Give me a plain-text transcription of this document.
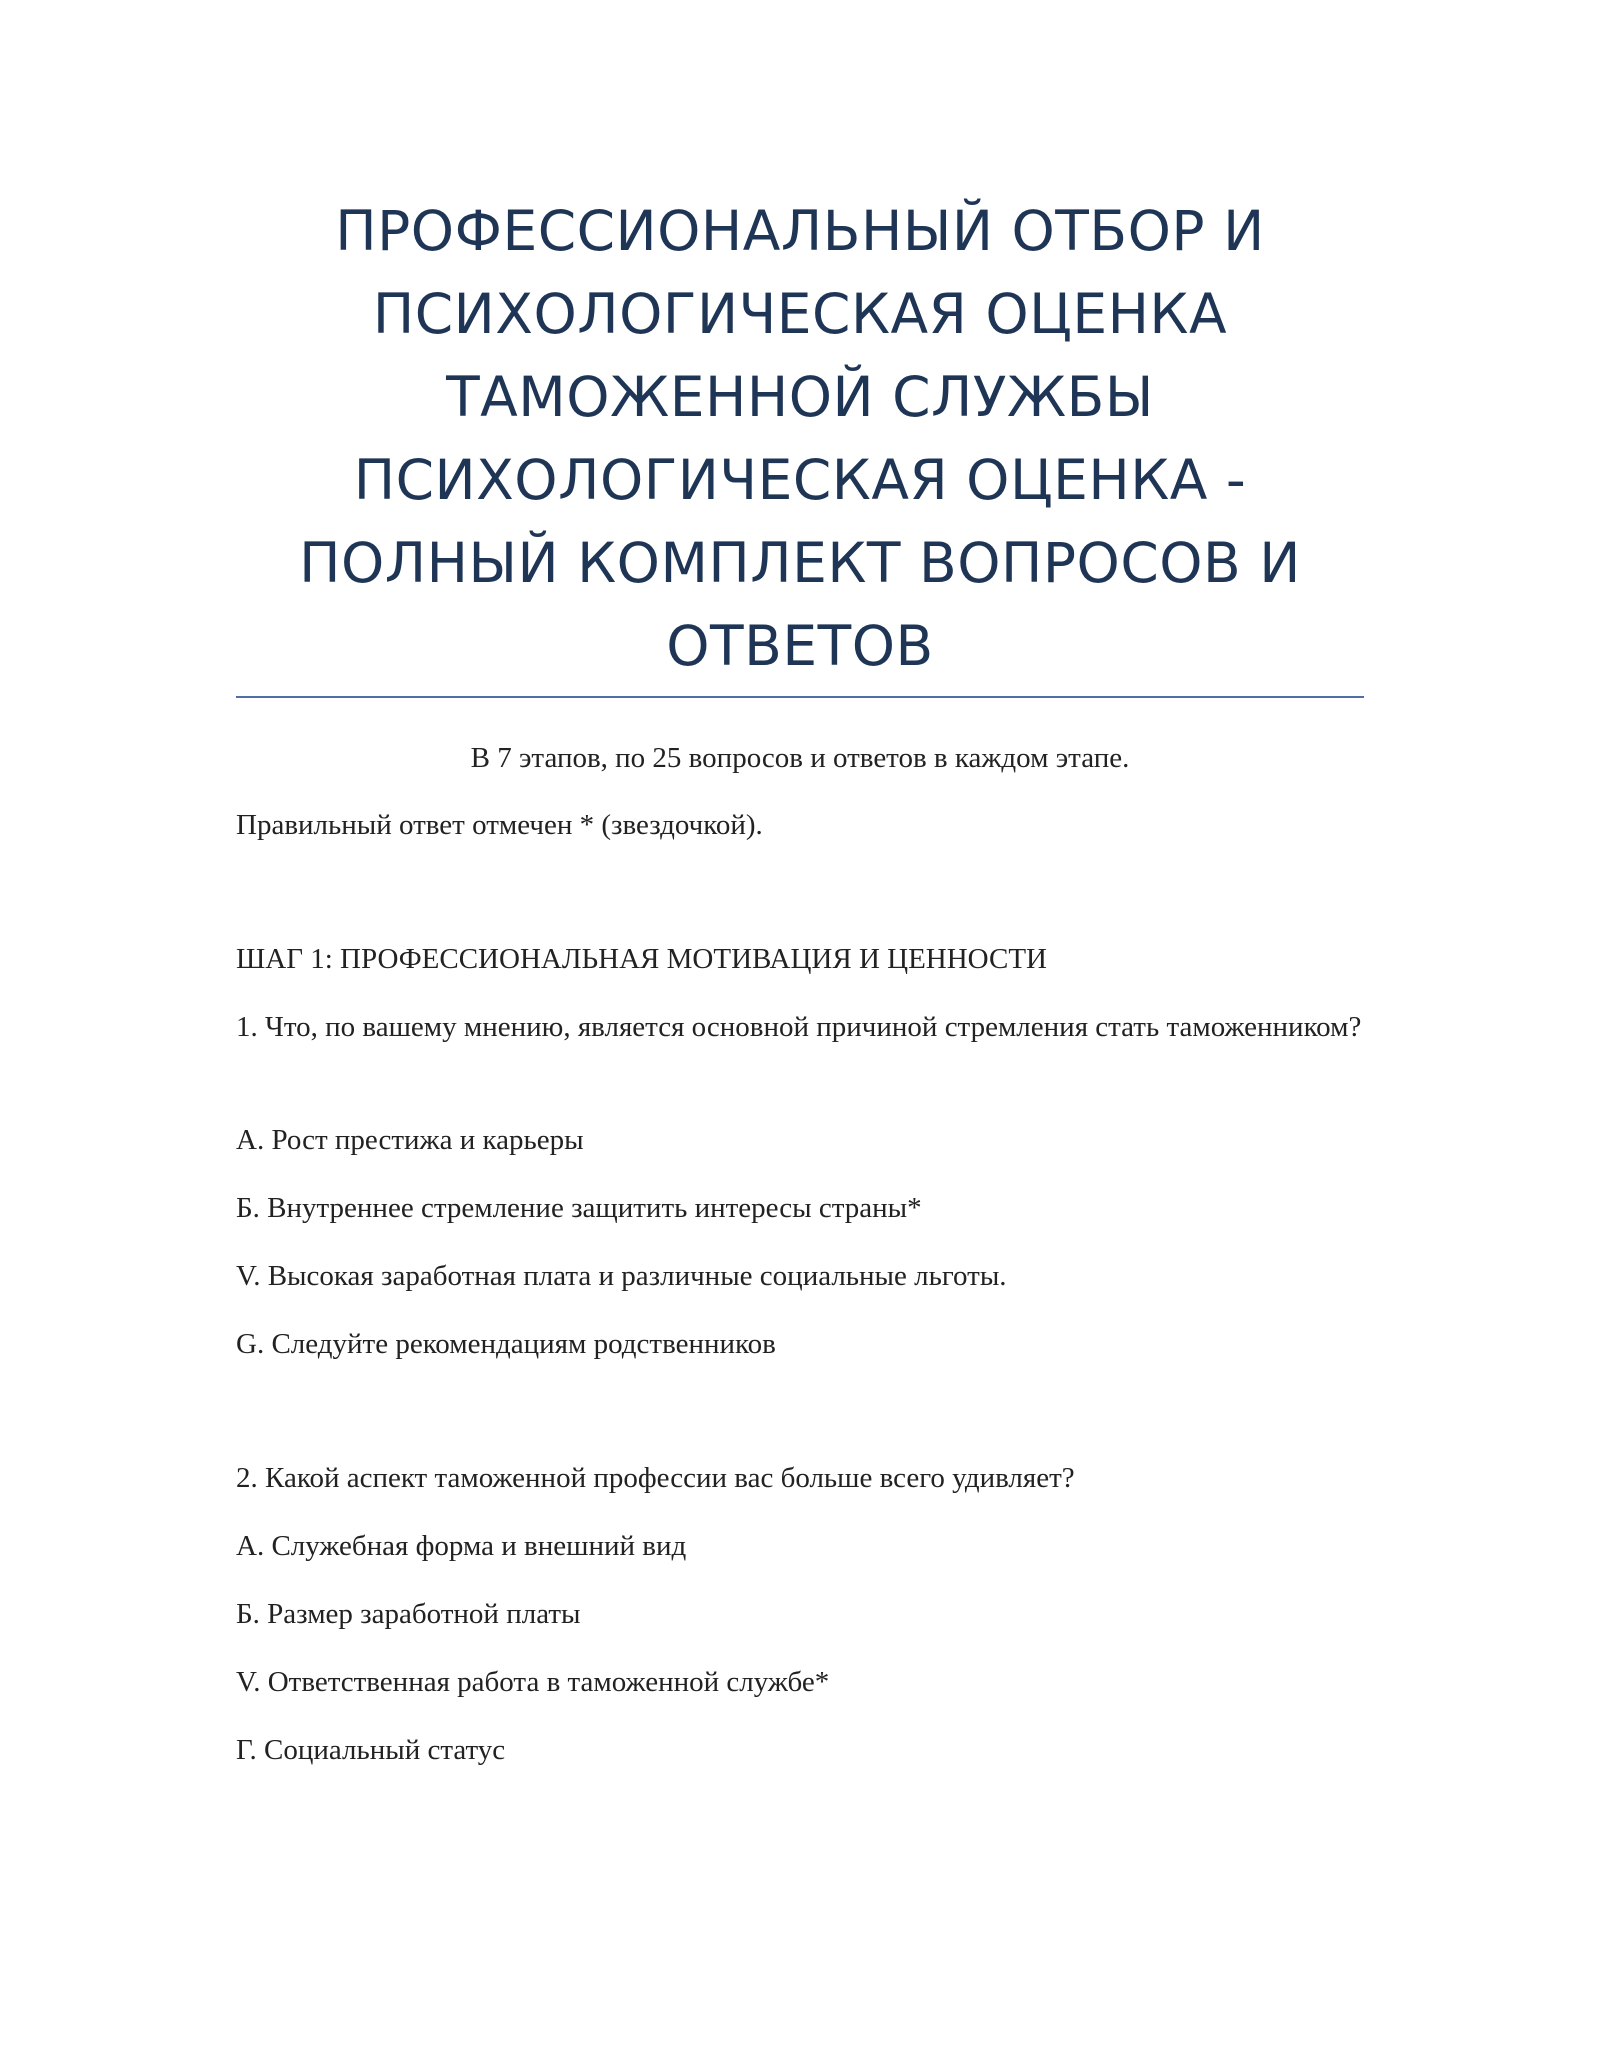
ПРОФЕССИОНАЛЬНЫЙ ОТБОР И
ПСИХОЛОГИЧЕСКАЯ ОЦЕНКА
ТАМОЖЕННОЙ СЛУЖБЫ
ПСИХОЛОГИЧЕСКАЯ ОЦЕНКА -
ПОЛНЫЙ КОМПЛЕКТ ВОПРОСОВ И
ОТВЕТОВ
В 7 этапов, по 25 вопросов и ответов в каждом этапе.
Правильный ответ отмечен * (звездочкой).
ШАГ 1: ПРОФЕССИОНАЛЬНАЯ МОТИВАЦИЯ И ЦЕННОСТИ
1. Что, по вашему мнению, является основной причиной стремления стать таможенником?
А. Рост престижа и карьеры
Б. Внутреннее стремление защитить интересы страны*
V. Высокая заработная плата и различные социальные льготы.
G. Следуйте рекомендациям родственников
2. Какой аспект таможенной профессии вас больше всего удивляет?
А. Служебная форма и внешний вид
Б. Размер заработной платы
V. Ответственная работа в таможенной службе*
Г. Социальный статус
